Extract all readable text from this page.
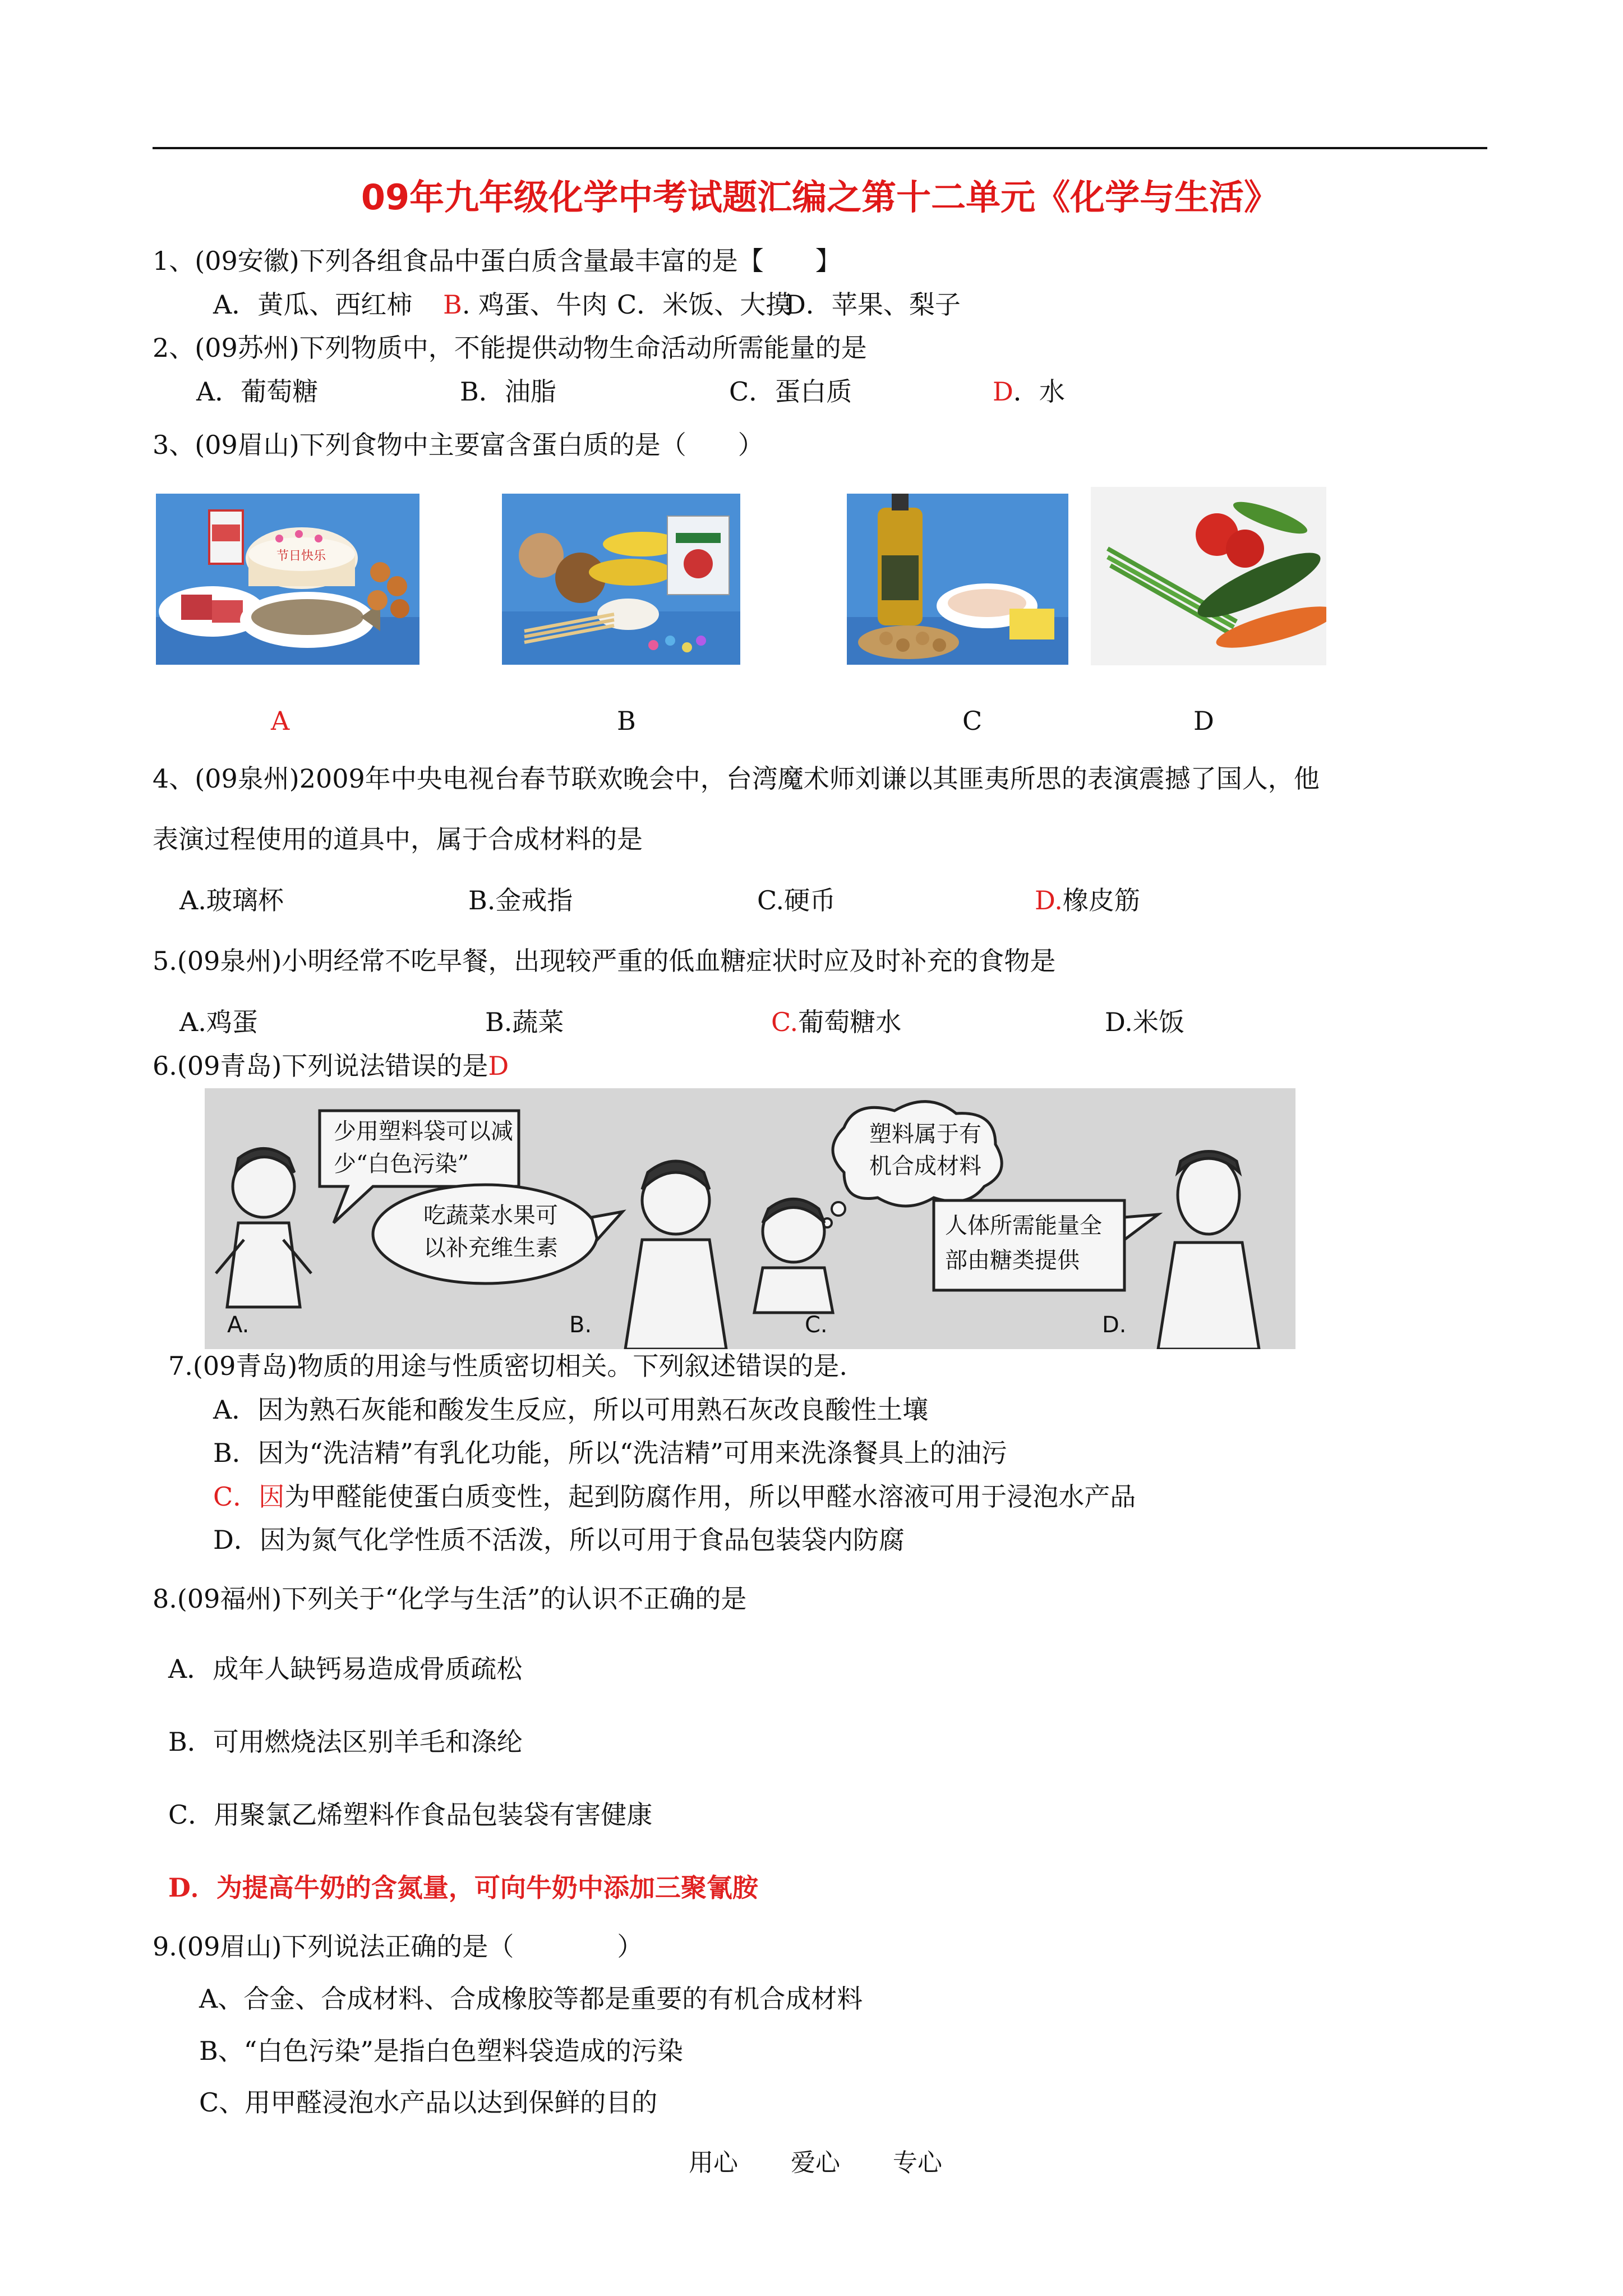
09年九年级化学中考试题汇编之第十二单元《化学与生活》
1、(09安徽)下列各组食品中蛋白质含量最丰富的是【　　】
A．黄瓜、西红柿 B. 鸡蛋、牛肉 C．米饭、大摸
D．苹果、梨子
2、(09苏州)下列物质中，不能提供动物生命活动所需能量的是
A．葡萄糖	B．油脂	C．蛋白质	D．水
3、(09眉山)下列食物中主要富含蛋白质的是（　　）
节日快乐
A	B	C	D
4、(09泉州)2009年中央电视台春节联欢晚会中，台湾魔术师刘谦以其匪夷所思的表演震撼了国人，他
表演过程使用的道具中，属于合成材料的是
A.玻璃杯	B.金戒指	C.硬币	D.橡皮筋
5.(09泉州)小明经常不吃早餐，出现较严重的低血糖症状时应及时补充的食物是
A.鸡蛋	B.蔬菜	C.葡萄糖水	D.米饭
6.(09青岛)下列说法错误的是D
少用塑料袋可以减
少“白色污染”
吃蔬菜水果可
以补充维生素
塑料属于有
机合成材料
人体所需能量全
部由糖类提供
A.	B.	C.	D.
7.(09青岛)物质的用途与性质密切相关。下列叙述错误的是.
A．因为熟石灰能和酸发生反应，所以可用熟石灰改良酸性土壤
B．因为“洗洁精”有乳化功能，所以“洗洁精”可用来洗涤餐具上的油污
C．因为甲醛能使蛋白质变性，起到防腐作用，所以甲醛水溶液可用于浸泡水产品
D．因为氮气化学性质不活泼，所以可用于食品包装袋内防腐
8.(09福州)下列关于“化学与生活”的认识不正确的是
A．成年人缺钙易造成骨质疏松
B．可用燃烧法区别羊毛和涤纶
C．用聚氯乙烯塑料作食品包装袋有害健康
D．为提高牛奶的含氮量，可向牛奶中添加三聚氰胺
9.(09眉山)下列说法正确的是（　　　　）
A、合金、合成材料、合成橡胶等都是重要的有机合成材料
B、“白色污染”是指白色塑料袋造成的污染
C、用甲醛浸泡水产品以达到保鲜的目的
用心 爱心 专心
